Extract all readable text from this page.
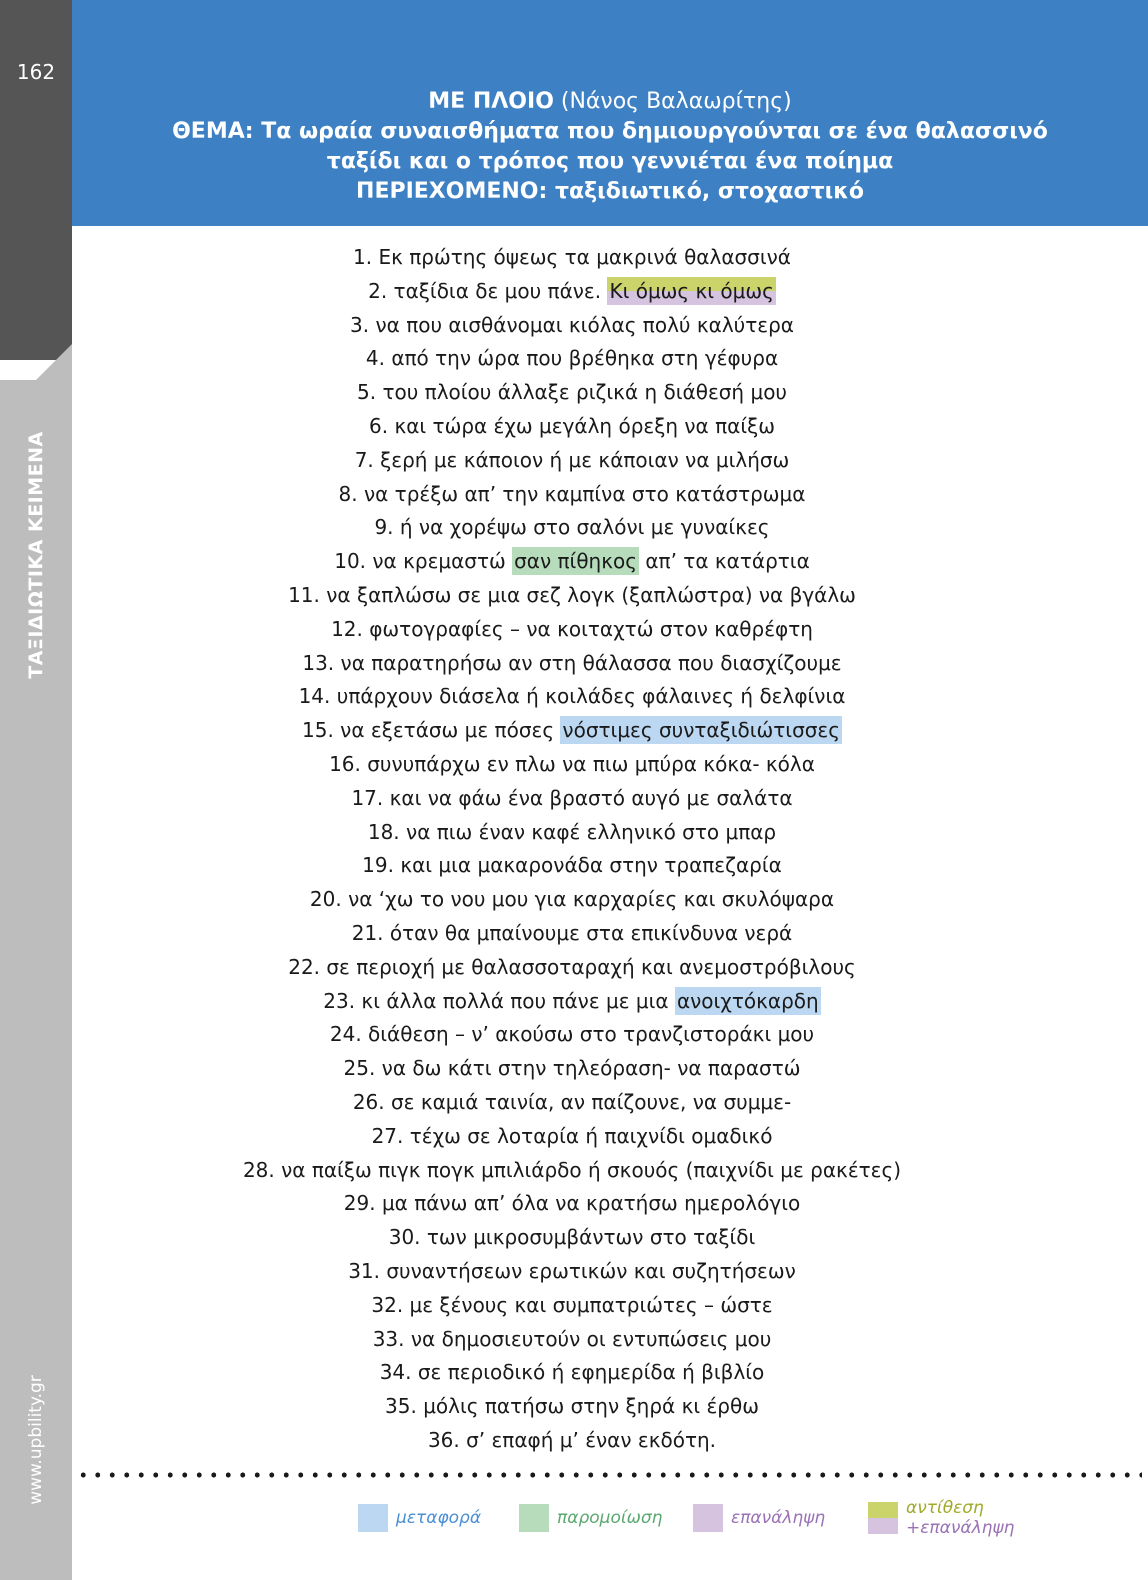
162
ΤΑΞΙΔΙΩΤΙΚΑ ΚΕΙΜΕΝΑ
www.upbility.gr
ΜΕ ΠΛΟΙΟ (Νάνος Βαλαωρίτης)
ΘΕΜΑ: Τα ωραία συναισθήματα που δημιουργούνται σε ένα θαλασσινό
ταξίδι και ο τρόπος που γεννιέται ένα ποίημα
ΠΕΡΙΕΧΟΜΕΝΟ: ταξιδιωτικό, στοχαστικό
1. Εκ πρώτης όψεως τα μακρινά θαλασσινά
2. ταξίδια δε μου πάνε. Κι όμως κι όμως
3. να που αισθάνομαι κιόλας πολύ καλύτερα
4. από την ώρα που βρέθηκα στη γέφυρα
5. του πλοίου άλλαξε ριζικά η διάθεσή μου
6. και τώρα έχω μεγάλη όρεξη να παίξω
7. ξερή με κάποιον ή με κάποιαν να μιλήσω
8. να τρέξω απ’ την καμπίνα στο κατάστρωμα
9. ή να χορέψω στο σαλόνι με γυναίκες
10. να κρεμαστώ σαν πίθηκος απ’ τα κατάρτια
11. να ξαπλώσω σε μια σεζ λογκ (ξαπλώστρα) να βγάλω
12. φωτογραφίες – να κοιταχτώ στον καθρέφτη
13. να παρατηρήσω αν στη θάλασσα που διασχίζουμε
14. υπάρχουν διάσελα ή κοιλάδες φάλαινες ή δελφίνια
15. να εξετάσω με πόσες νόστιμες συνταξιδιώτισσες
16. συνυπάρχω εν πλω να πιω μπύρα κόκα- κόλα
17. και να φάω ένα βραστό αυγό με σαλάτα
18. να πιω έναν καφέ ελληνικό στο μπαρ
19. και μια μακαρονάδα στην τραπεζαρία
20. να ‘χω το νου μου για καρχαρίες και σκυλόψαρα
21. όταν θα μπαίνουμε στα επικίνδυνα νερά
22. σε περιοχή με θαλασσοταραχή και ανεμοστρόβιλους
23. κι άλλα πολλά που πάνε με μια ανοιχτόκαρδη
24. διάθεση – ν’ ακούσω στο τρανζιστοράκι μου
25. να δω κάτι στην τηλεόραση- να παραστώ
26. σε καμιά ταινία, αν παίζουνε, να συμμε-
27. τέχω σε λοταρία ή παιχνίδι ομαδικό
28. να παίξω πιγκ πογκ μπιλιάρδο ή σκουός (παιχνίδι με ρακέτες)
29. μα πάνω απ’ όλα να κρατήσω ημερολόγιο
30. των μικροσυμβάντων στο ταξίδι
31. συναντήσεων ερωτικών και συζητήσεων
32. με ξένους και συμπατριώτες – ώστε
33. να δημοσιευτούν οι εντυπώσεις μου
34. σε περιοδικό ή εφημερίδα ή βιβλίο
35. μόλις πατήσω στην ξηρά κι έρθω
36. σ’ επαφή μ’ έναν εκδότη.
μεταφορά	παρομοίωση	επανάληψη	αντίθεση
+επανάληψη
